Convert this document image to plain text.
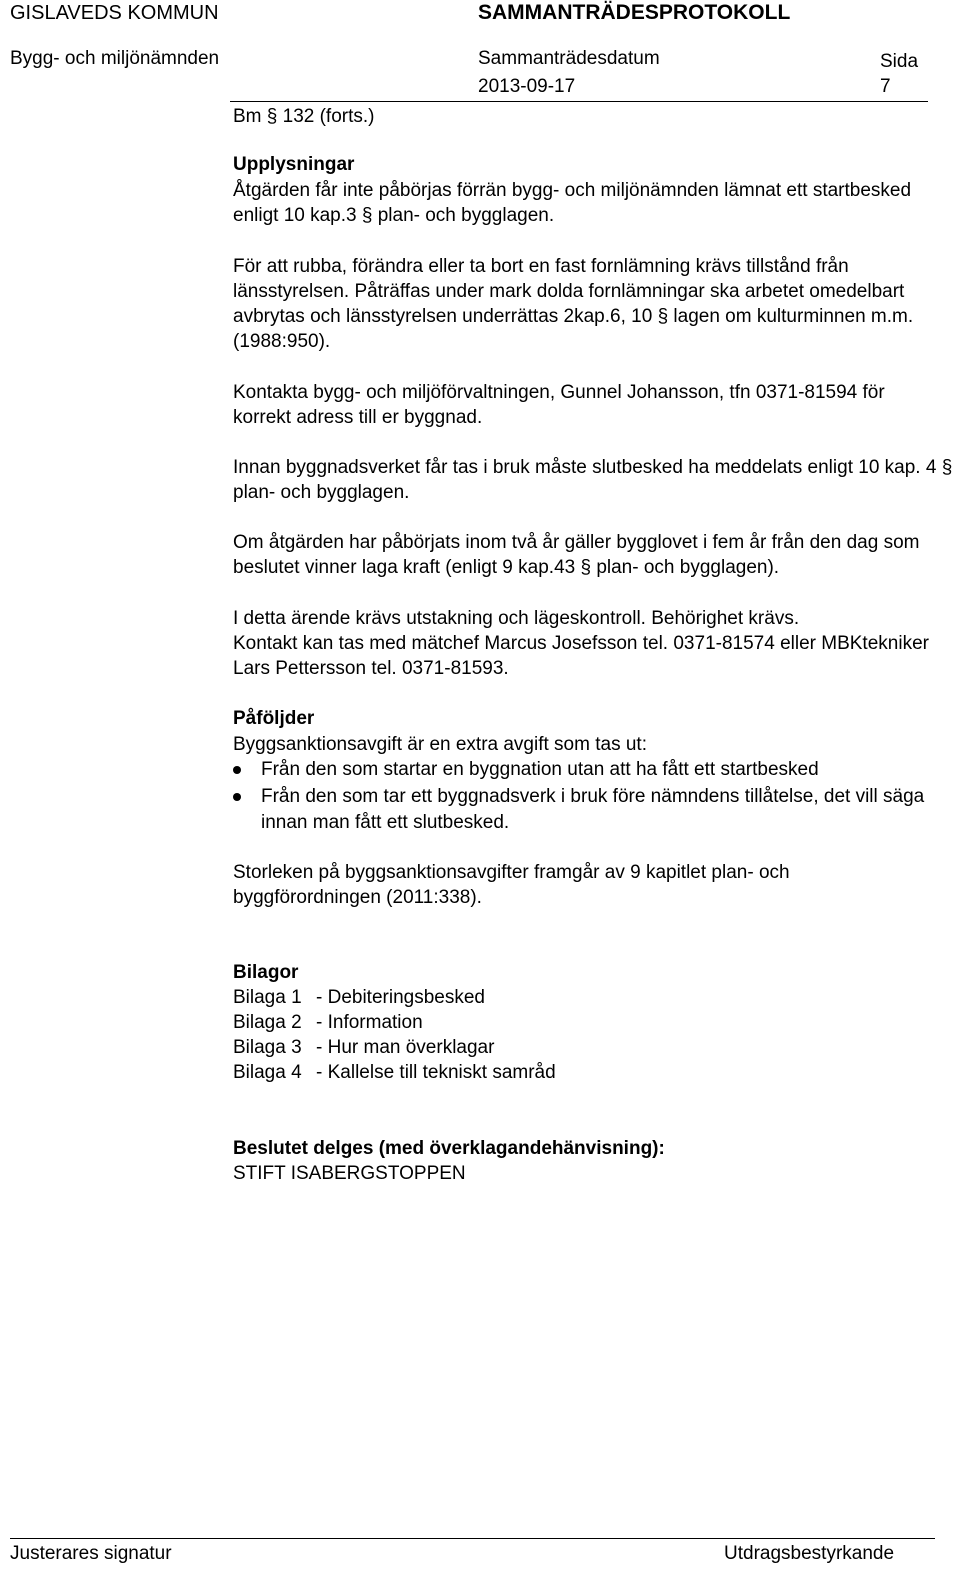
GISLAVEDS KOMMUN	SAMMANTRÄDESPROTOKOLL
Bygg- och miljönämnden	Sammanträdesdatum	Sida
2013-09-17	7
Bm § 132 (forts.)
Upplysningar
Åtgärden får inte påbörjas förrän bygg- och miljönämnden lämnat ett startbesked enligt 10 kap.3 § plan- och bygglagen.
För att rubba, förändra eller ta bort en fast fornlämning krävs tillstånd från länsstyrelsen. Påträffas under mark dolda fornlämningar ska arbetet omedelbart avbrytas och länsstyrelsen underrättas 2kap.6, 10 § lagen om kulturminnen m.m. (1988:950).
Kontakta bygg- och miljöförvaltningen, Gunnel Johansson, tfn 0371-81594 för korrekt adress till er byggnad.
Innan byggnadsverket får tas i bruk måste slutbesked ha meddelats enligt 10 kap. 4 § plan- och bygglagen.
Om åtgärden har påbörjats inom två år gäller bygglovet i fem år från den dag som beslutet vinner laga kraft (enligt 9 kap.43 § plan- och bygglagen).
I detta ärende krävs utstakning och lägeskontroll. Behörighet krävs.
Kontakt kan tas med mätchef Marcus Josefsson tel. 0371-81574 eller MBKtekniker Lars Pettersson tel. 0371-81593.
Påföljder
Byggsanktionsavgift är en extra avgift som tas ut:
Från den som startar en byggnation utan att ha fått ett startbesked
Från den som tar ett byggnadsverk i bruk före nämndens tillåtelse, det vill säga innan man fått ett slutbesked.
Storleken på byggsanktionsavgifter framgår av 9 kapitlet plan- och byggförordningen (2011:338).
Bilagor
Bilaga 1 - Debiteringsbesked
Bilaga 2 - Information
Bilaga 3 - Hur man överklagar
Bilaga 4 - Kallelse till tekniskt samråd
Beslutet delges (med överklagandehänvisning):
STIFT ISABERGSTOPPEN
Justerares signatur	Utdragsbestyrkande
